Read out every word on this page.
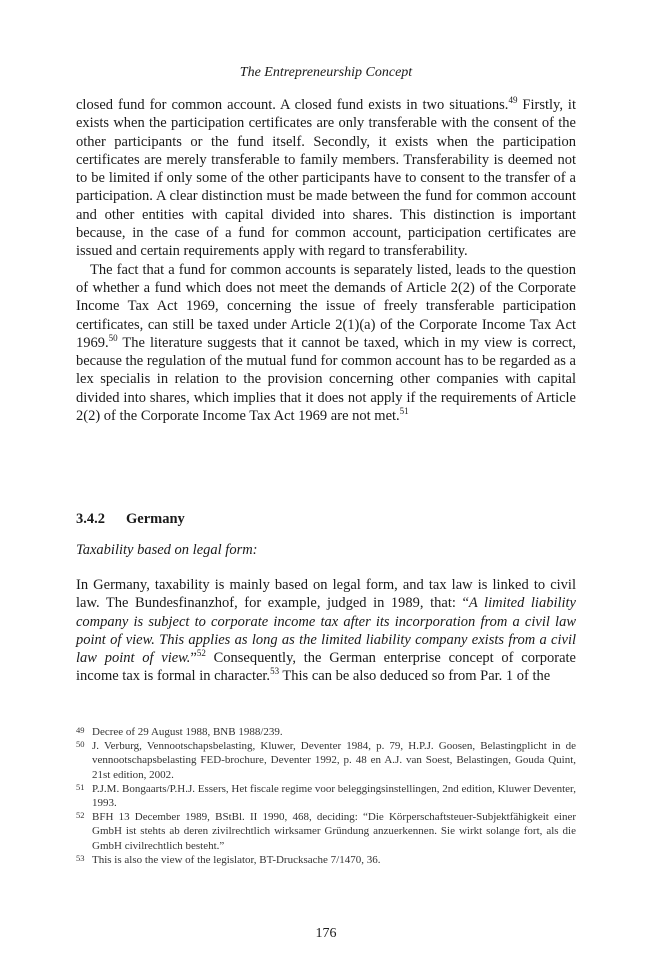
The Entrepreneurship Concept

closed fund for common account. A closed fund exists in two situations.$^{49}$ Firstly, it exists when the participation certificates are only transferable with the consent of the other participants or the fund itself. Secondly, it exists when the participation certificates are merely transferable to family members. Transferability is deemed not to be limited if only some of the other participants have to consent to the transfer of a participation. A clear distinction must be made between the fund for common account and other entities with capital divided into shares. This distinction is important because, in the case of a fund for common account, participation certificates are issued and certain requirements apply with regard to transferability.

The fact that a fund for common accounts is separately listed, leads to the question of whether a fund which does not meet the demands of Article 2(2) of the Corporate Income Tax Act 1969, concerning the issue of freely transferable participation certificates, can still be taxed under Article 2(1)(a) of the Corporate Income Tax Act 1969.50 The literature suggests that it cannot be taxed, which in my view is correct, because the regulation of the mutual fund for common account has to be regarded as a lex specialis in relation to the provision concerning other companies with capital divided into shares, which implies that it does not apply if the requirements of Article 2(2) of the Corporate Income Tax Act 1969 are not met.$^{51}$

3.4.2 Germany
Taxability based on legal form:

In Germany, taxability is mainly based on legal form, and tax law is linked to civil law. The Bundesfinanzhof, for example, judged in 1989, that: “A limited liability company is subject to corporate income tax after its incorporation from a civil law point of view. This applies as long as the limited liability company exists from a civil law point of view.”$^{52}$ Consequently, the German enterprise concept of corporate income tax is formal in character.$^{53}$ This can be also deduced so from Par. 1 of the

49 Decree of 29 August 1988, BNB 1988/239.
50 J. Verburg, Vennootschapsbelasting, Kluwer, Deventer 1984, p. 79, H.P.J. Goosen, Belastingplicht in de vennootschapsbelasting FED-brochure, Deventer 1992, p. 48 en A.J. van Soest, Belastingen, Gouda Quint, 21st edition, 2002.
51 P.J.M. Bongaarts/P.H.J. Essers, Het fiscale regime voor beleggingsinstellingen, 2nd edition, Kluwer Deventer, 1993.
52 BFH 13 December 1989, BStBl. II 1990, 468, deciding: “Die Körperschaftsteuer-Subjektfähigkeit einer GmbH ist stehts ab deren zivilrechtlich wirksamer Gründung anzuerkennen. Sie wirkt solange fort, als die GmbH civilrechtlich besteht.”
53 This is also the view of the legislator, BT-Drucksache 7/1470, 36.
176
